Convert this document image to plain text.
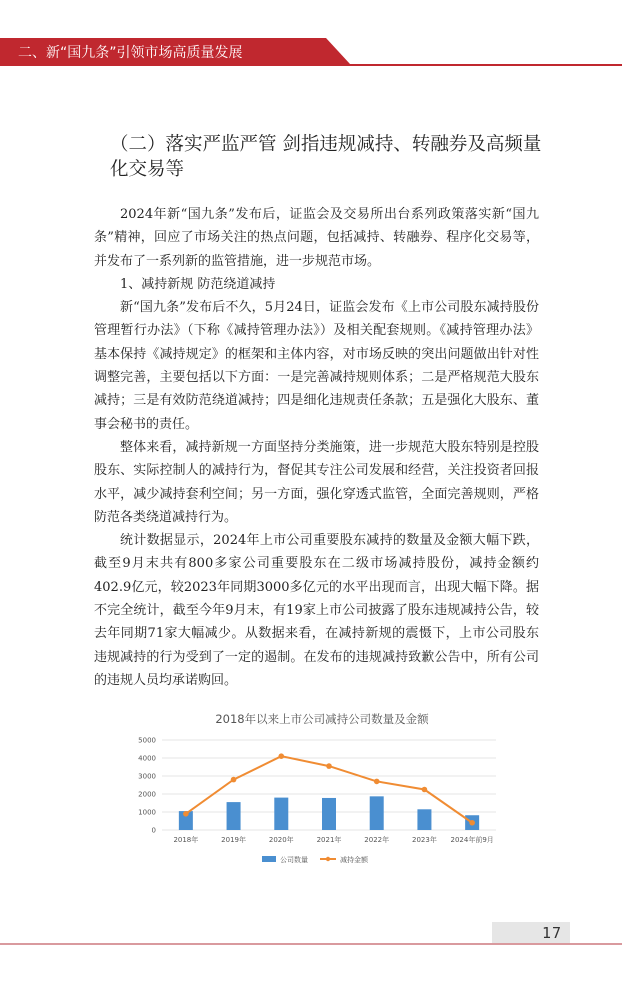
二、新“国九条”引领市场高质量发展
（二）落实严监严管 剑指违规减持、转融券及高频量化交易等

2024年新“国九条”发布后，证监会及交易所出台系列政策落实新“国九条”精神，回应了市场关注的热点问题，包括减持、转融券、程序化交易等，并发布了一系列新的监管措施，进一步规范市场。

1、减持新规 防范绕道减持

新“国九条”发布后不久，5月24日，证监会发布《上市公司股东减持股份管理暂行办法》（下称《减持管理办法》）及相关配套规则。《减持管理办法》基本保持《减持规定》的框架和主体内容，对市场反映的突出问题做出针对性调整完善，主要包括以下方面：一是完善减持规则体系；二是严格规范大股东减持；三是有效防范绕道减持；四是细化违规责任条款；五是强化大股东、董事会秘书的责任。

整体来看，减持新规一方面坚持分类施策，进一步规范大股东特别是控股股东、实际控制人的减持行为，督促其专注公司发展和经营，关注投资者回报水平，减少减持套利空间；另一方面，强化穿透式监管，全面完善规则，严格防范各类绕道减持行为。

统计数据显示，2024年上市公司重要股东减持的数量及金额大幅下跌，截至9月末共有800多家公司重要股东在二级市场减持股份，减持金额约402.9亿元，较2023年同期3000多亿元的水平出现而言，出现大幅下降。据不完全统计，截至今年9月末，有19家上市公司披露了股东违规减持公告，较去年同期71家大幅减少。从数据来看，在减持新规的震慑下，上市公司股东违规减持的行为受到了一定的遏制。在发布的违规减持致歉公告中，所有公司的违规人员均承诺购回。

2018年以来上市公司减持公司数量及金额
0
1000
2000
3000
4000
5000
2018年	2019年	2020年	2021年	2022年	2023年 2024年前9月
公司数量	减持金额
17
